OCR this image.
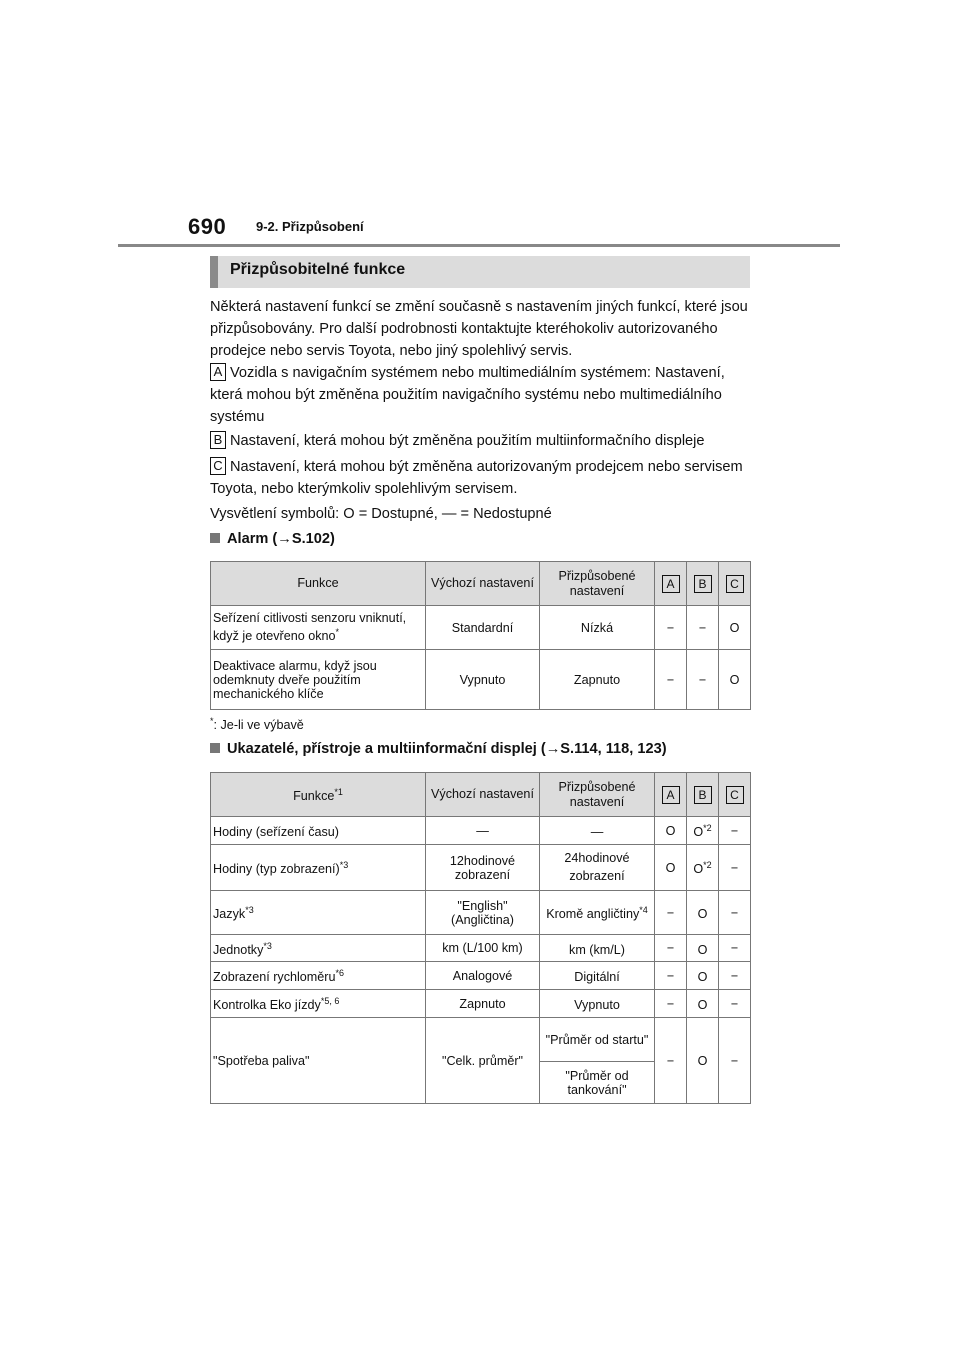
690 9-2. Přizpůsobení
Přizpůsobitelné funkce
Některá nastavení funkcí se změní současně s nastavením jiných funkcí, které jsou přizpůsobovány. Pro další podrobnosti kontaktujte kteréhokoliv autorizovaného prodejce nebo servis Toyota, nebo jiný spolehlivý servis.
A Vozidla s navigačním systémem nebo multimediálním systémem: Nastavení, která mohou být změněna použitím navigačního systému nebo multimediálního systému
B Nastavení, která mohou být změněna použitím multiinformačního displeje
C Nastavení, která mohou být změněna autorizovaným prodejcem nebo servisem Toyota, nebo kterýmkoliv spolehlivým servisem.
Vysvětlení symbolů: O = Dostupné, — = Nedostupné
Alarm (→S.102)
Funkce	Výchozí nastavení	Přizpůsobené nastavení	A	B	C
Seřízení citlivosti senzoru vniknutí, když je otevřeno okno*	Standardní	Nízká	−	−	O
Deaktivace alarmu, když jsou odemknuty dveře použitím mechanického klíče	Vypnuto	Zapnuto	−	−	O
*: Je-li ve výbavě
Ukazatelé, přístroje a multiinformační displej (→S.114, 118, 123)
Funkce$^{*1}$	Výchozí nastavení	Přizpůsobené nastavení	A	B	C
Hodiny (seřízení času)	—	—	O	$O^{*2}$	−
Hodiny (typ zobrazení)$^{*3}$	12hodinové zobrazení	24hodinové zobrazení	O	$O^{*2}$	−
Jazyk$^{*3}$	"English" (Angličtina)	Kromě angličtiny$^{*4}$	−	O	−
Jednotky$^{*3}$	km (L/100 km)	km (km/L)	−	O	−
Zobrazení rychloměru$^{*6}$	Analogové	Digitální	−	O	−
Kontrolka Eko jízdy$^{*5, 6}$	Zapnuto	Vypnuto	−	O	−
"Spotřeba paliva"	"Celk. průměr"	"Průměr od startu"	−	O	−
		"Průměr od tankování"			
